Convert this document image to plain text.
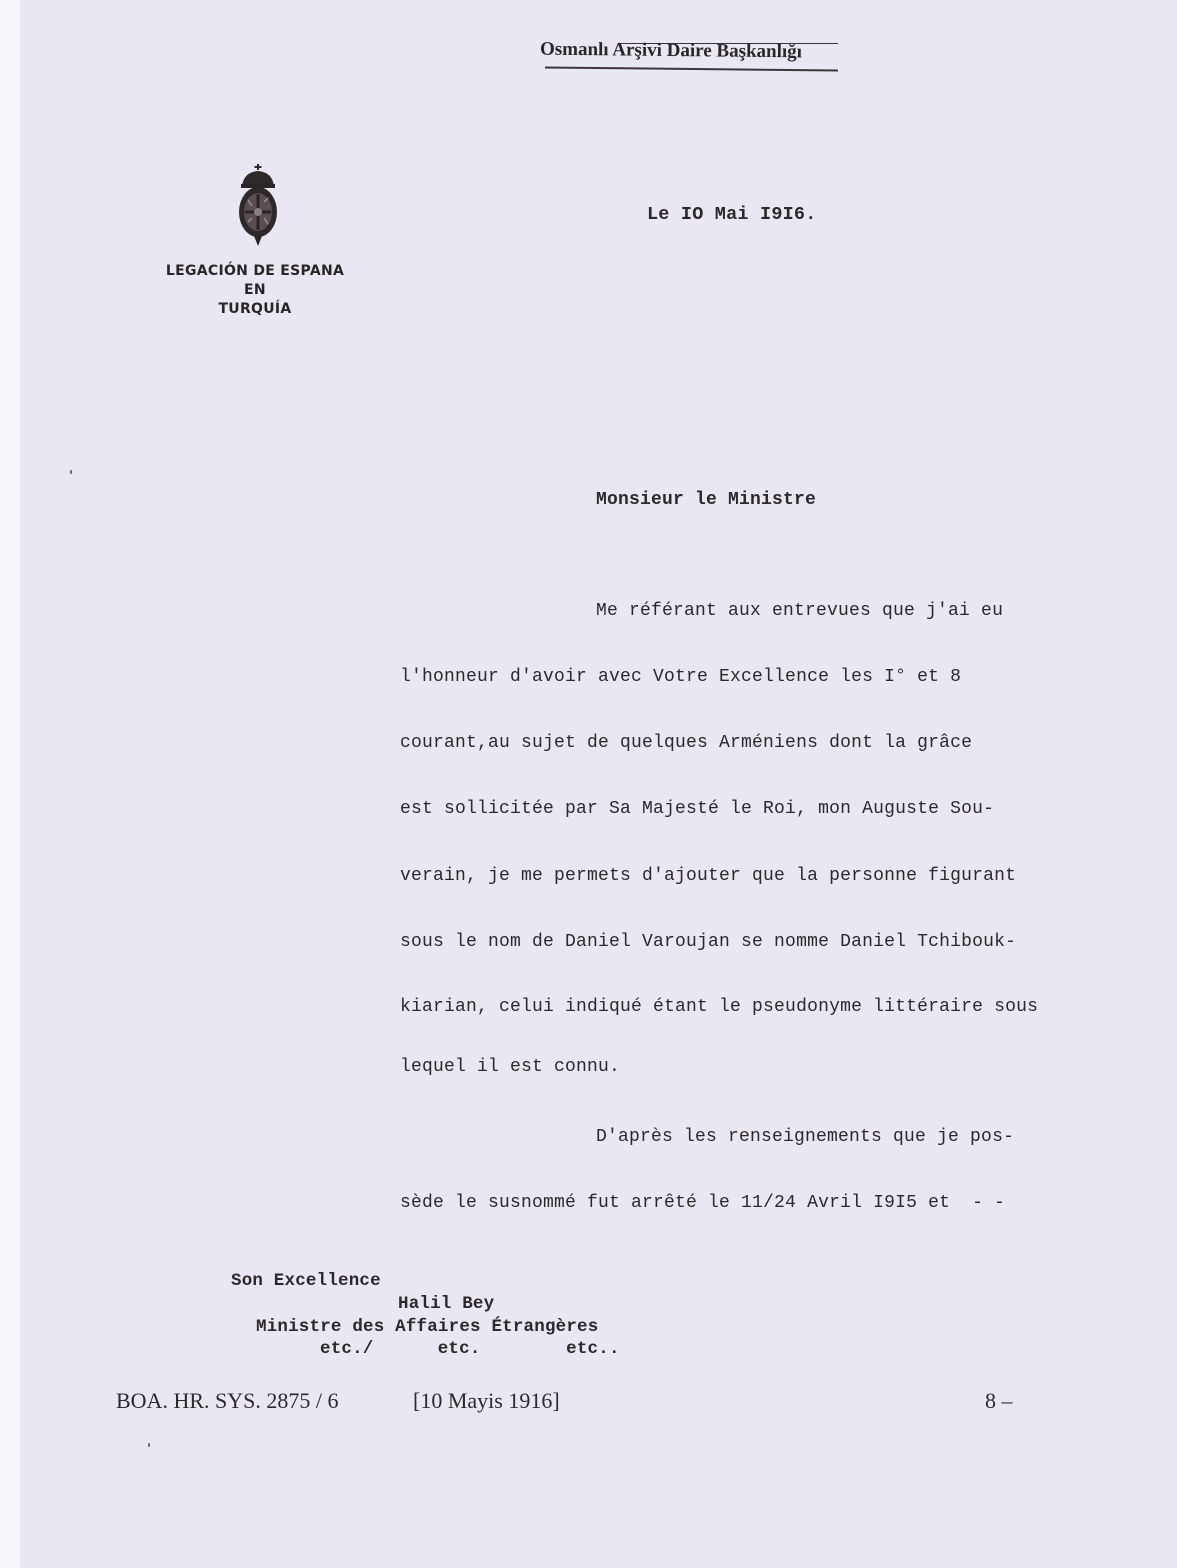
Osmanlı Arşivi Daire Başkanlığı
LEGACIÓN DE ESPANA
EN
TURQUÍA
Le IO Mai I9I6.
Monsieur le Ministre
Me référant aux entrevues que j'ai eu
l'honneur d'avoir avec Votre Excellence les I° et 8
courant,au sujet de quelques Arméniens dont la grâce
est sollicitée par Sa Majesté le Roi, mon Auguste Sou-
verain, je me permets d'ajouter que la personne figurant
sous le nom de Daniel Varoujan se nomme Daniel Tchibouk-
kiarian, celui indiqué étant le pseudonyme littéraire sous
lequel il est connu.
D'après les renseignements que je pos-
sède le susnommé fut arrêté le 11/24 Avril I9I5 et  - -
Son Excellence
Halil Bey
Ministre des Affaires Étrangères
etc./      etc.        etc..
BOA. HR. SYS. 2875 / 6	[10 Mayis 1916]	8 –
